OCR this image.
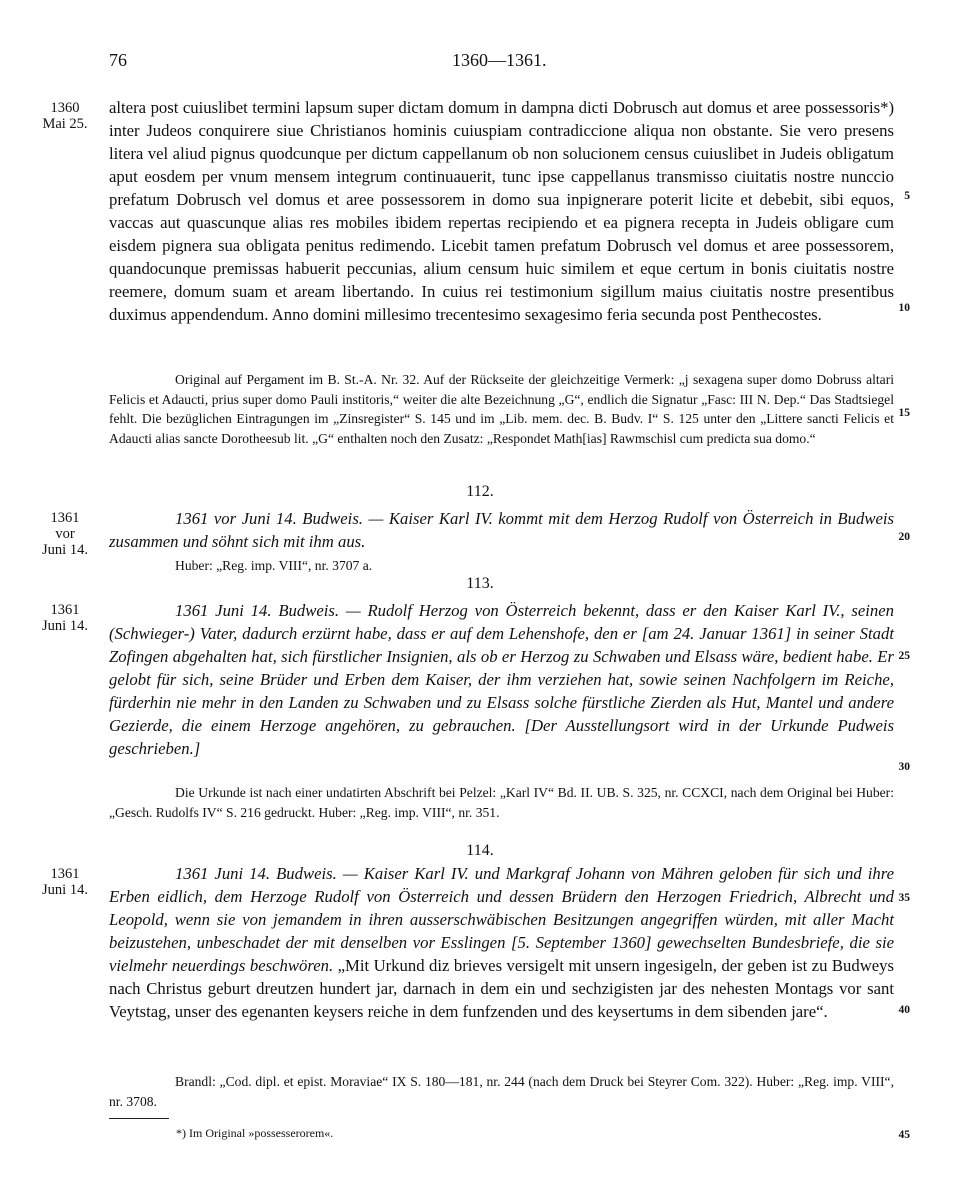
76	1360—1361.
1360
Mai 25.
altera post cuiuslibet termini lapsum super dictam domum in dampna dicti Dobrusch aut domus et aree possessoris*) inter Judeos conquirere siue Christianos hominis cuiuspiam contradiccione aliqua non obstante. Sie vero presens litera vel aliud pignus quodcunque per dictum cappellanum ob non solucionem census cuiuslibet in Judeis obligatum aput eosdem per vnum mensem integrum continuauerit, tunc ipse cappellanus transmisso ciuitatis nostre nunccio prefatum Dobrusch vel domus et aree possessorem in domo sua inpignerare poterit licite et debebit, sibi equos, vaccas aut quascunque alias res mobiles ibidem repertas recipiendo et ea pignera recepta in Judeis obligare cum eisdem pignera sua obligata penitus redimendo. Licebit tamen prefatum Dobrusch vel domus et aree possessorem, quandocunque premissas habuerit peccunias, alium censum huic similem et eque certum in bonis ciuitatis nostre reemere, domum suam et aream libertando. In cuius rei testimonium sigillum maius ciuitatis nostre presentibus duximus appendendum. Anno domini millesimo trecentesimo sexagesimo feria secunda post Penthecostes.
Original auf Pergament im B. St.-A. Nr. 32. Auf der Rückseite der gleichzeitige Vermerk: „j sexagena super domo Dobruss altari Felicis et Adaucti, prius super domo Pauli institoris,“ weiter die alte Bezeichnung „G“, endlich die Signatur „Fasc: III N. Dep.“ Das Stadtsiegel fehlt. Die bezüglichen Eintragungen im „Zinsregister“ S. 145 und im „Lib. mem. dec. B. Budv. I“ S. 125 unter den „Littere sancti Felicis et Adaucti alias sancte Dorotheesub lit. „G“ enthalten noch den Zusatz: „Respondet Math[ias] Rawmschisl cum predicta sua domo.“
112.
1361
vor
Juni 14.
1361 vor Juni 14. Budweis. — Kaiser Karl IV. kommt mit dem Herzog Rudolf von Österreich in Budweis zusammen und söhnt sich mit ihm aus.
Huber: „Reg. imp. VIII“, nr. 3707 a.
113.
1361
Juni 14.
1361 Juni 14. Budweis. — Rudolf Herzog von Österreich bekennt, dass er den Kaiser Karl IV., seinen (Schwieger-) Vater, dadurch erzürnt habe, dass er auf dem Lehenshofe, den er [am 24. Januar 1361] in seiner Stadt Zofingen abgehalten hat, sich fürstlicher Insignien, als ob er Herzog zu Schwaben und Elsass wäre, bedient habe. Er gelobt für sich, seine Brüder und Erben dem Kaiser, der ihm verziehen hat, sowie seinen Nachfolgern im Reiche, fürderhin nie mehr in den Landen zu Schwaben und zu Elsass solche fürstliche Zierden als Hut, Mantel und andere Gezierde, die einem Herzoge angehören, zu gebrauchen. [Der Ausstellungsort wird in der Urkunde Pudweis geschrieben.]
Die Urkunde ist nach einer undatirten Abschrift bei Pelzel: „Karl IV“ Bd. II. UB. S. 325, nr. CCXCI, nach dem Original bei Huber: „Gesch. Rudolfs IV“ S. 216 gedruckt. Huber: „Reg. imp. VIII“, nr. 351.
114.
1361
Juni 14.
1361 Juni 14. Budweis. — Kaiser Karl IV. und Markgraf Johann von Mähren geloben für sich und ihre Erben eidlich, dem Herzoge Rudolf von Österreich und dessen Brüdern den Herzogen Friedrich, Albrecht und Leopold, wenn sie von jemandem in ihren ausserschwäbischen Besitzungen angegriffen würden, mit aller Macht beizustehen, unbeschadet der mit denselben vor Esslingen [5. September 1360] gewechselten Bundesbriefe, die sie vielmehr neuerdings beschwören. „Mit Urkund diz brieves versigelt mit unsern ingesigeln, der geben ist zu Budweys nach Christus geburt dreutzen hundert jar, darnach in dem ein und sechzigisten jar des nehesten Montags vor sant Veytstag, unser des egenanten keysers reiche in dem funfzenden und des keysertums in dem sibenden jare“.
Brandl: „Cod. dipl. et epist. Moraviae“ IX S. 180—181, nr. 244 (nach dem Druck bei Steyrer Com. 322). Huber: „Reg. imp. VIII“, nr. 3708.
*) Im Original »possesserorem«.
5
10
15
20
25
30
35
40
45
